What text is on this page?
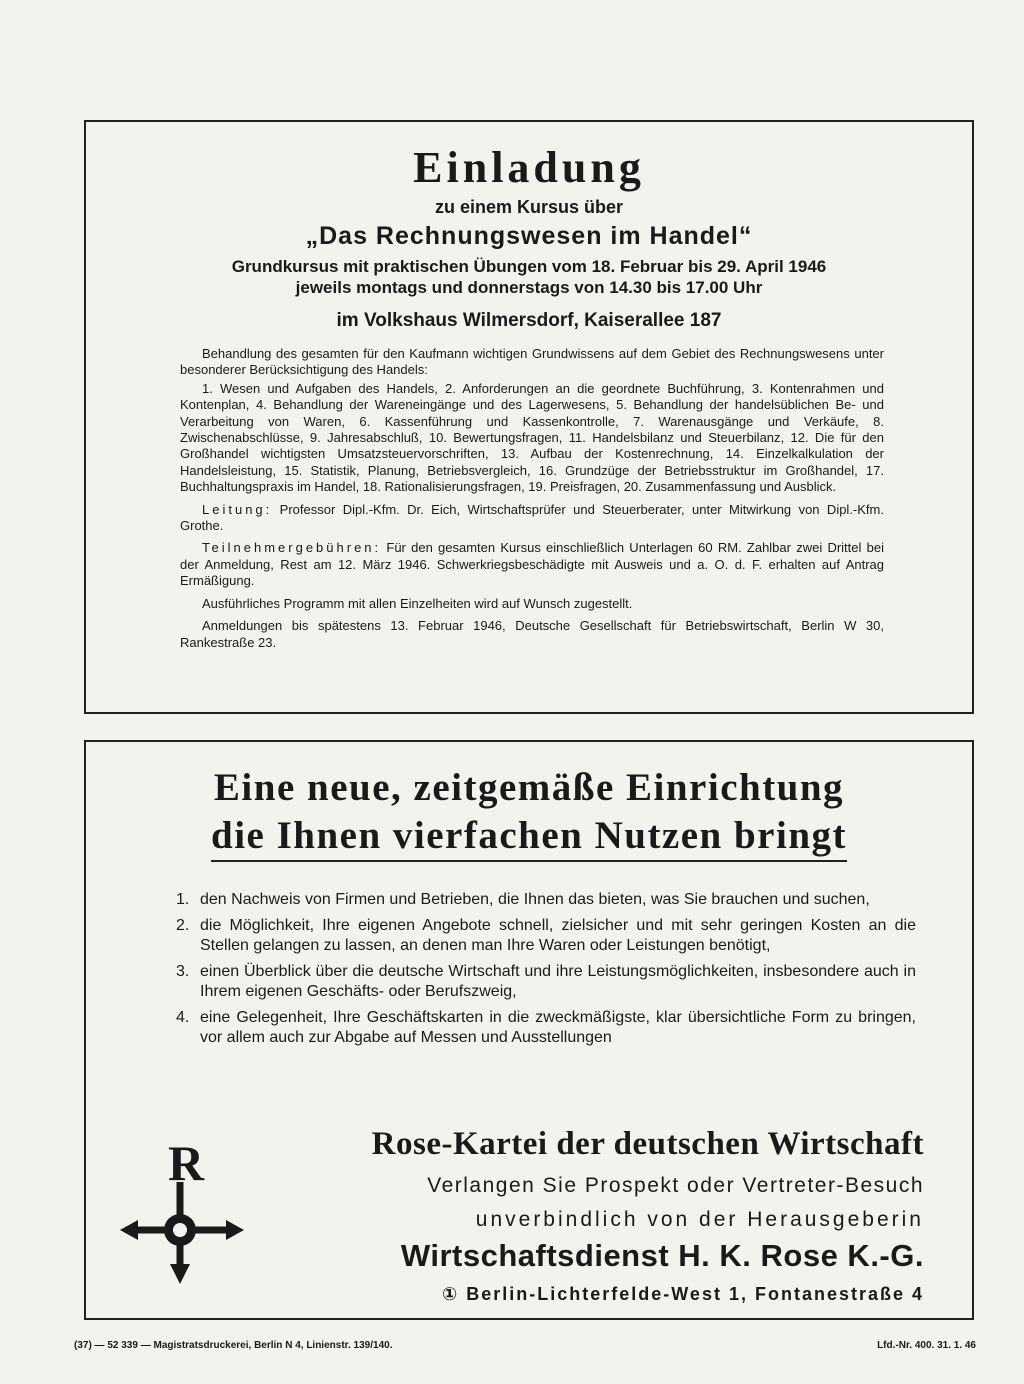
Einladung
zu einem Kursus über
„Das Rechnungswesen im Handel“
Grundkursus mit praktischen Übungen vom 18. Februar bis 29. April 1946
jeweils montags und donnerstags von 14.30 bis 17.00 Uhr
im Volkshaus Wilmersdorf, Kaiserallee 187

Behandlung des gesamten für den Kaufmann wichtigen Grundwissens auf dem Gebiet des Rechnungswesens unter besonderer Berücksichtigung des Handels:

1. Wesen und Aufgaben des Handels, 2. Anforderungen an die geordnete Buchführung, 3. Kontenrahmen und Kontenplan, 4. Behandlung der Wareneingänge und des Lagerwesens, 5. Behandlung der handelsüblichen Be- und Verarbeitung von Waren, 6. Kassenführung und Kassenkontrolle, 7. Warenausgänge und Verkäufe, 8. Zwischenabschlüsse, 9. Jahresabschluß, 10. Bewertungsfragen, 11. Handelsbilanz und Steuerbilanz, 12. Die für den Großhandel wichtigsten Umsatzsteuervorschriften, 13. Aufbau der Kostenrechnung, 14. Einzelkalkulation der Handelsleistung, 15. Statistik, Planung, Betriebsvergleich, 16. Grundzüge der Betriebsstruktur im Großhandel, 17. Buchhaltungspraxis im Handel, 18. Rationalisierungsfragen, 19. Preisfragen, 20. Zusammenfassung und Ausblick.

Leitung: Professor Dipl.-Kfm. Dr. Eich, Wirtschaftsprüfer und Steuerberater, unter Mitwirkung von Dipl.-Kfm. Grothe.

Teilnehmergebühren: Für den gesamten Kursus einschließlich Unterlagen 60 RM. Zahlbar zwei Drittel bei der Anmeldung, Rest am 12. März 1946. Schwerkriegsbeschädigte mit Ausweis und a. O. d. F. erhalten auf Antrag Ermäßigung.

Ausführliches Programm mit allen Einzelheiten wird auf Wunsch zugestellt.

Anmeldungen bis spätestens 13. Februar 1946, Deutsche Gesellschaft für Betriebswirtschaft, Berlin W 30, Rankestraße 23.

Eine neue, zeitgemäße Einrichtung
die Ihnen vierfachen Nutzen bringt
1. den Nachweis von Firmen und Betrieben, die Ihnen das bieten, was Sie brauchen und suchen,
2. die Möglichkeit, Ihre eigenen Angebote schnell, zielsicher und mit sehr geringen Kosten an die Stellen gelangen zu lassen, an denen man Ihre Waren oder Leistungen benötigt,
3. einen Überblick über die deutsche Wirtschaft und ihre Leistungsmöglichkeiten, insbesondere auch in Ihrem eigenen Geschäfts- oder Berufszweig,
4. eine Gelegenheit, Ihre Geschäftskarten in die zweckmäßigste, klar übersichtliche Form zu bringen, vor allem auch zur Abgabe auf Messen und Ausstellungen
R	Rose-Kartei der deutschen Wirtschaft
Verlangen Sie Prospekt oder Vertreter-Besuch
unverbindlich von der Herausgeberin
Wirtschaftsdienst H. K. Rose K.-G.
① Berlin-Lichterfelde-West 1, Fontanestraße 4
(37) — 52 339 — Magistratsdruckerei, Berlin N 4, Linienstr. 139/140.	Lfd.-Nr. 400. 31. 1. 46
